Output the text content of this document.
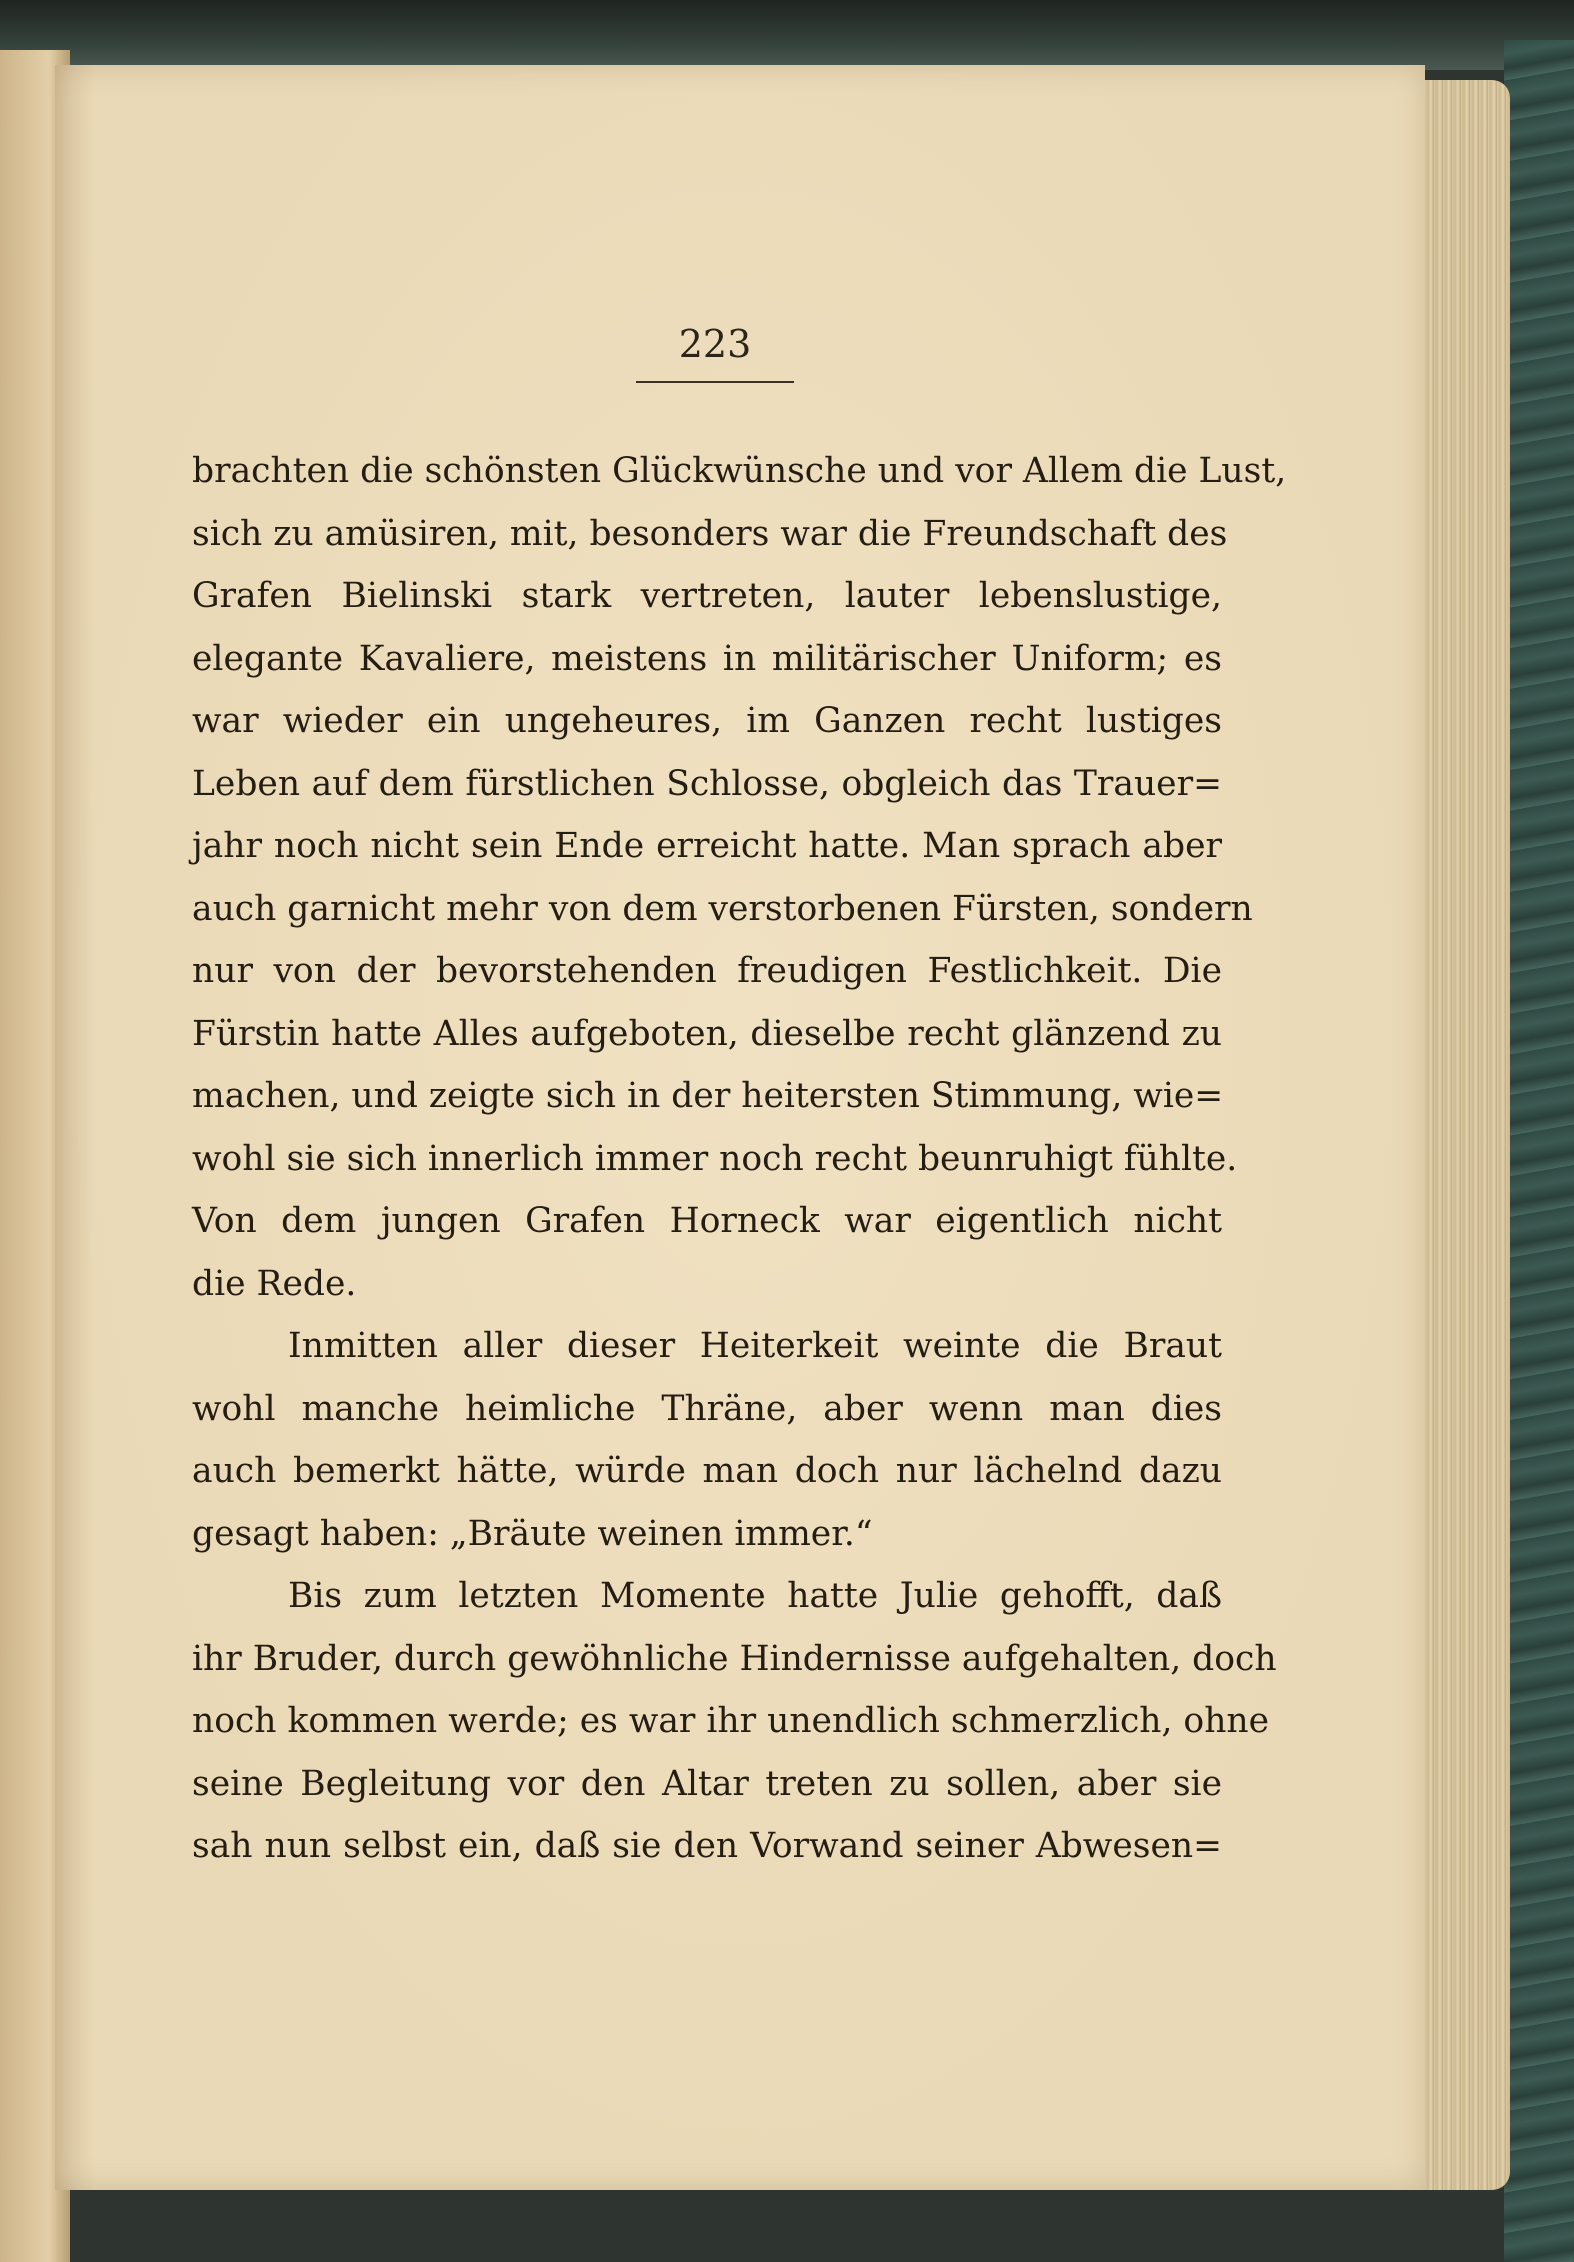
223
brachten die schönsten Glückwünsche und vor Allem die Lust,
sich zu amüsiren, mit, besonders war die Freundschaft des
Grafen Bielinski stark vertreten, lauter lebenslustige,
elegante Kavaliere, meistens in militärischer Uniform; es
war wieder ein ungeheures, im Ganzen recht lustiges
Leben auf dem fürstlichen Schlosse, obgleich das Trauer=
jahr noch nicht sein Ende erreicht hatte. Man sprach aber
auch garnicht mehr von dem verstorbenen Fürsten, sondern
nur von der bevorstehenden freudigen Festlichkeit. Die
Fürstin hatte Alles aufgeboten, dieselbe recht glänzend zu
machen, und zeigte sich in der heitersten Stimmung, wie=
wohl sie sich innerlich immer noch recht beunruhigt fühlte.
Von dem jungen Grafen Horneck war eigentlich nicht
die Rede.
Inmitten aller dieser Heiterkeit weinte die Braut
wohl manche heimliche Thräne, aber wenn man dies
auch bemerkt hätte, würde man doch nur lächelnd dazu
gesagt haben: „Bräute weinen immer.“
Bis zum letzten Momente hatte Julie gehofft, daß
ihr Bruder, durch gewöhnliche Hindernisse aufgehalten, doch
noch kommen werde; es war ihr unendlich schmerzlich, ohne
seine Begleitung vor den Altar treten zu sollen, aber sie
sah nun selbst ein, daß sie den Vorwand seiner Abwesen=
